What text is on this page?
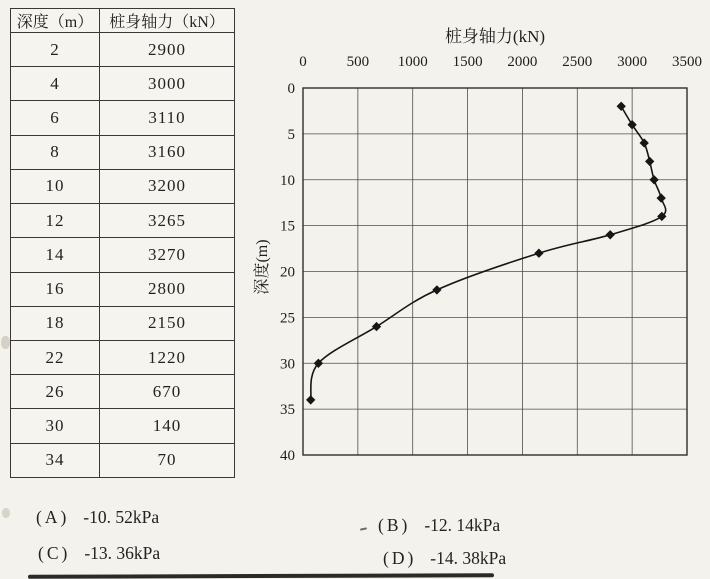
深度（m）	桩身轴力（kN）
2	2900
4	3000
6	3110
8	3160
10	3200
12	3265
14	3270
16	2800
18	2150
22	1220
26	670
30	140
34	70
桩身轴力(kN)
深度(m)
0	500 1000 1500 2000 2500 3000 3500
0
5
10
15
20
25
30
35
40
(A) -10. 52kPa	(B) -12. 14kPa
(C) -13. 36kPa	(D) -14. 38kPa
